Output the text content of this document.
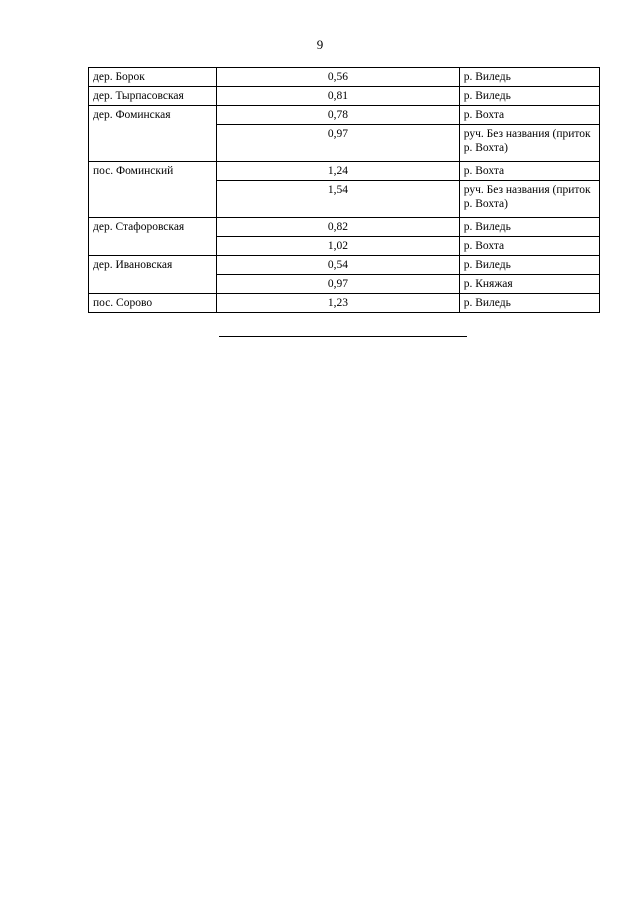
9
дер. Борок	0,56	р. Виледь
дер. Тырпасовская	0,81	р. Виледь
дер. Фоминская	0,78	р. Вохта
	0,97	руч. Без названия (приток р. Вохта)
пос. Фоминский	1,24	р. Вохта
	1,54	руч. Без названия (приток р. Вохта)
дер. Стафоровская	0,82	р. Виледь
	1,02	р. Вохта
дер. Ивановская	0,54	р. Виледь
	0,97	р. Княжая
пос. Сорово	1,23	р. Виледь
